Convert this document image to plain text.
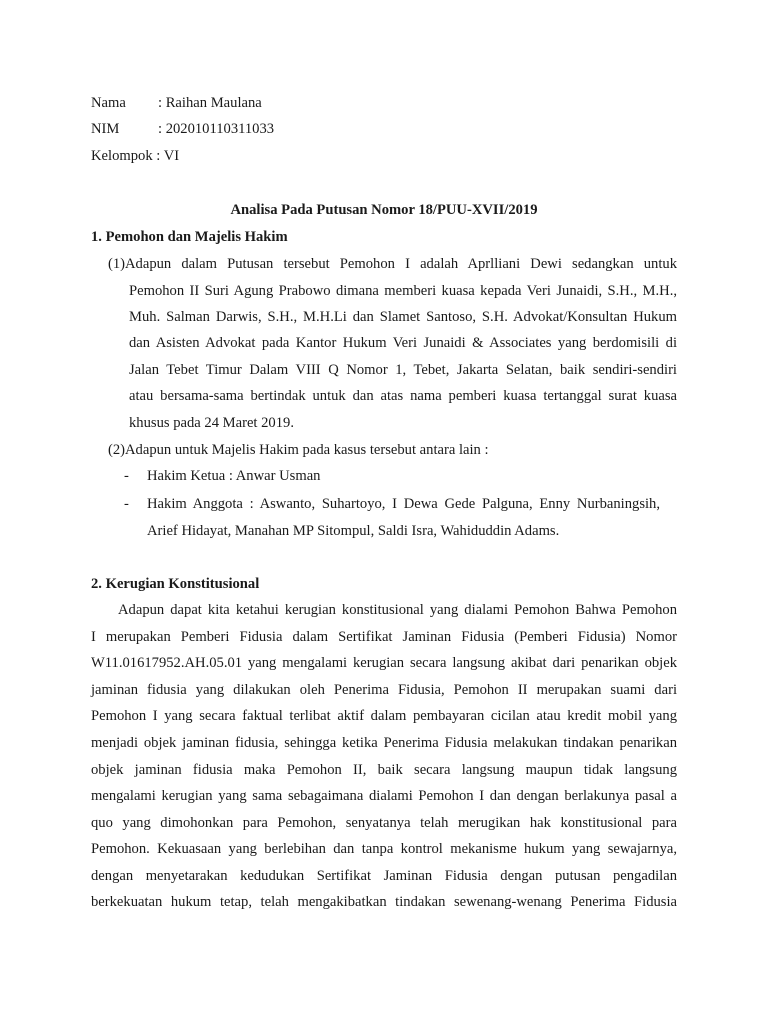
Nama : Raihan Maulana
NIM	: 202010110311033
Kelompok : VI
Analisa Pada Putusan Nomor 18/PUU-XVII/2019
1. Pemohon dan Majelis Hakim
(1)Adapun dalam Putusan tersebut Pemohon I adalah Aprlliani Dewi sedangkan untuk
Pemohon II Suri Agung Prabowo dimana memberi kuasa kepada Veri Junaidi, S.H., M.H.,
Muh. Salman Darwis, S.H., M.H.Li dan Slamet Santoso, S.H. Advokat/Konsultan Hukum
dan Asisten Advokat pada Kantor Hukum Veri Junaidi & Associates yang berdomisili di
Jalan Tebet Timur Dalam VIII Q Nomor 1, Tebet, Jakarta Selatan, baik sendiri-sendiri
atau bersama-sama bertindak untuk dan atas nama pemberi kuasa tertanggal surat kuasa
khusus pada 24 Maret 2019.
(2)Adapun untuk Majelis Hakim pada kasus tersebut antara lain :
- Hakim Ketua : Anwar Usman
- Hakim Anggota : Aswanto, Suhartoyo, I Dewa Gede Palguna, Enny Nurbaningsih,
Arief Hidayat, Manahan MP Sitompul, Saldi Isra, Wahiduddin Adams.
2. Kerugian Konstitusional
Adapun dapat kita ketahui kerugian konstitusional yang dialami Pemohon Bahwa Pemohon
I merupakan Pemberi Fidusia dalam Sertifikat Jaminan Fidusia (Pemberi Fidusia) Nomor
W11.01617952.AH.05.01 yang mengalami kerugian secara langsung akibat dari penarikan objek
jaminan fidusia yang dilakukan oleh Penerima Fidusia, Pemohon II merupakan suami dari
Pemohon I yang secara faktual terlibat aktif dalam pembayaran cicilan atau kredit mobil yang
menjadi objek jaminan fidusia, sehingga ketika Penerima Fidusia melakukan tindakan penarikan
objek jaminan fidusia maka Pemohon II, baik secara langsung maupun tidak langsung
mengalami kerugian yang sama sebagaimana dialami Pemohon I dan dengan berlakunya pasal a
quo yang dimohonkan para Pemohon, senyatanya telah merugikan hak konstitusional para
Pemohon. Kekuasaan yang berlebihan dan tanpa kontrol mekanisme hukum yang sewajarnya,
dengan menyetarakan kedudukan Sertifikat Jaminan Fidusia dengan putusan pengadilan
berkekuatan hukum tetap, telah mengakibatkan tindakan sewenang-wenang Penerima Fidusia
